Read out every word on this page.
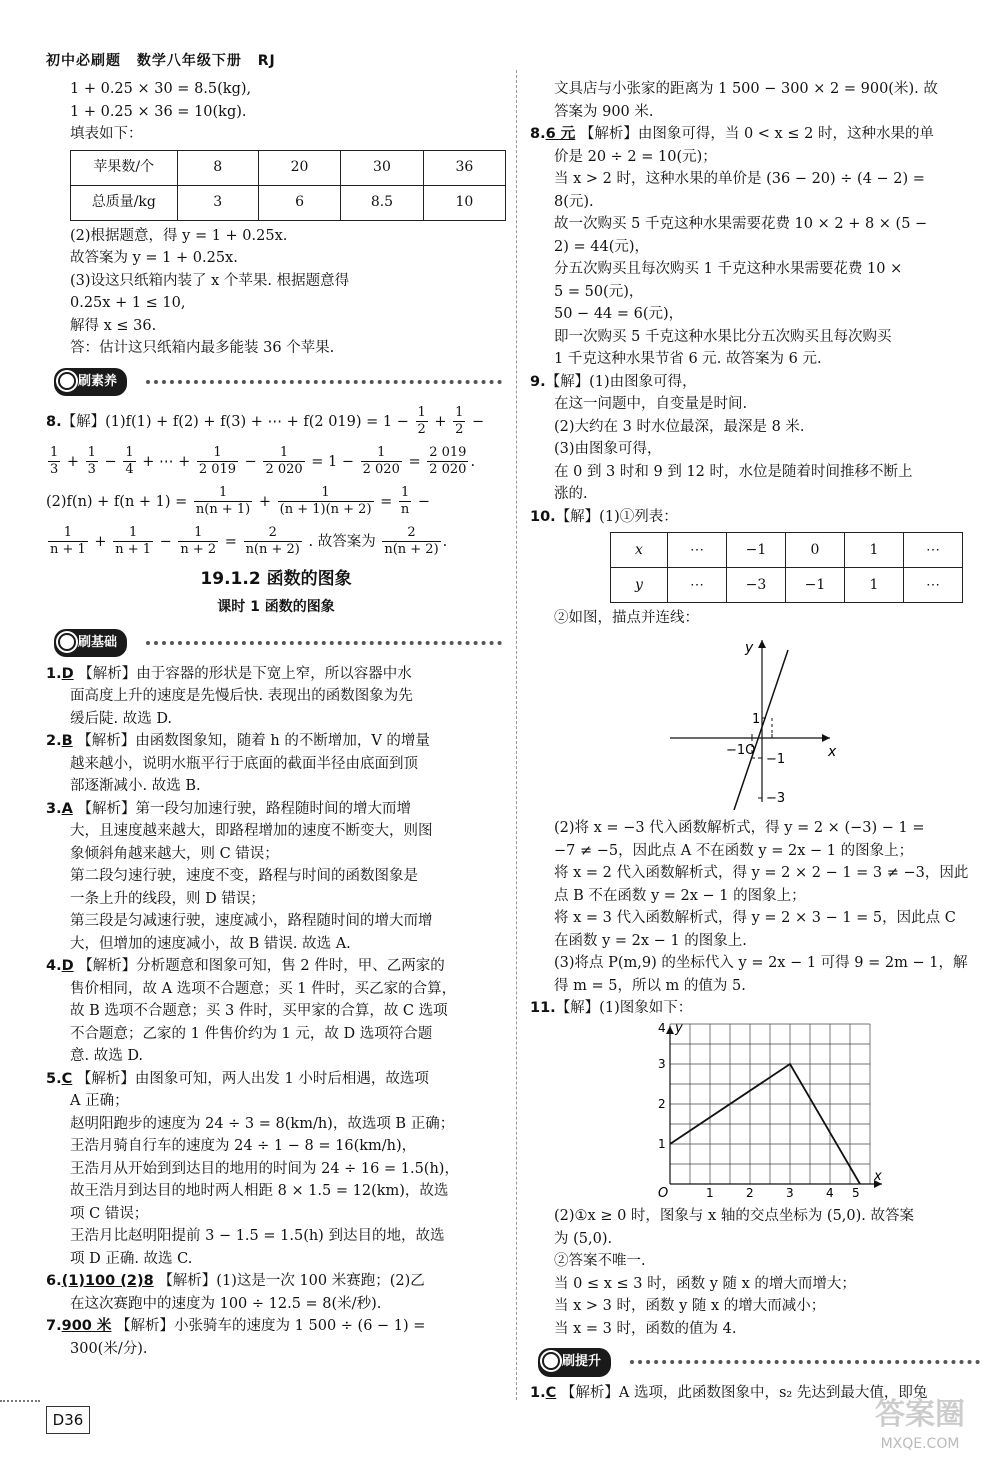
初中必刷题 数学八年级下册 RJ
1 + 0.25 × 30 = 8.5(kg),
1 + 0.25 × 36 = 10(kg).
填表如下：
苹果数/个	8	20	30	36
总质量/kg	3	6	8.5	10
(2)根据题意，得 y = 1 + 0.25x.
故答案为 y = 1 + 0.25x.
(3)设这只纸箱内装了 x 个苹果. 根据题意得
0.25x + 1 ≤ 10,
解得 x ≤ 36.
答：估计这只纸箱内最多能装 36 个苹果.
刷素养
8.【解】(1)f(1) + f(2) + f(3) + ⋯ + f(2 $019) = 1 - \frac{1}{2} + \frac{1}{2}$ −
$\frac{1}{3} + \frac{1}{3} - \frac{1}{4}$ + ⋯ + $\frac{1}{2 019} - \frac{1}{2 020} = 1 - \frac{1}{2 020} = \frac{2 019}{2 020}$ .
$(2)f(n) + f(n + 1) = \frac{1}{n(n + 1)} + \frac{1}{(n + 1)(n + 2)} = \frac{1}{n}$ −
$\frac{1}{n + 1} + \frac{1}{n + 1} - \frac{1}{n + 2} = \frac{2}{n(n + 2)}$ . 故答案为 $\frac{2}{n(n + 2)}$ .
19.1.2 函数的图象
课时 1 函数的图象
刷基础
1.D 【解析】由于容器的形状是下宽上窄，所以容器中水
面高度上升的速度是先慢后快. 表现出的函数图象为先
缓后陡. 故选 D.
2.B 【解析】由函数图象知，随着 h 的不断增加，V 的增量
越来越小，说明水瓶平行于底面的截面半径由底面到顶
部逐渐减小. 故选 B.
3.A 【解析】第一段匀加速行驶，路程随时间的增大而增
大，且速度越来越大，即路程增加的速度不断变大，则图
象倾斜角越来越大，则 C 错误；
第二段匀速行驶，速度不变，路程与时间的函数图象是
一条上升的线段，则 D 错误；
第三段是匀减速行驶，速度减小，路程随时间的增大而增
大，但增加的速度减小，故 B 错误. 故选 A.
4.D 【解析】分析题意和图象可知，售 2 件时，甲、乙两家的
售价相同，故 A 选项不合题意；买 1 件时，买乙家的合算，
故 B 选项不合题意；买 3 件时，买甲家的合算，故 C 选项
不合题意；乙家的 1 件售价约为 1 元，故 D 选项符合题
意. 故选 D.
5.C 【解析】由图象可知，两人出发 1 小时后相遇，故选项
A 正确；
赵明阳跑步的速度为 24 ÷ 3 = 8(km/h)，故选项 B 正确；
王浩月骑自行车的速度为 24 ÷ 1 − 8 = 16(km/h)，
王浩月从开始到到达目的地用的时间为 24 ÷ 16 = 1.5(h)，
故王浩月到达目的地时两人相距 8 × 1.5 = 12(km)，故选
项 C 错误；
王浩月比赵明阳提前 3 − 1.5 = 1.5(h) 到达目的地，故选
项 D 正确. 故选 C.
6.(1)100 (2)8 【解析】(1)这是一次 100 米赛跑；(2)乙
在这次赛跑中的速度为 100 ÷ 12.5 = 8(米/秒).
7.900 米 【解析】小张骑车的速度为 1 500 ÷ (6 − 1) =
300(米/分).
文具店与小张家的距离为 1 500 − 300 × 2 = 900(米). 故
答案为 900 米.
8.6 元 【解析】由图象可得，当 0 < x ≤ 2 时，这种水果的单
价是 20 ÷ 2 = 10(元)；
当 x > 2 时，这种水果的单价是 (36 − 20) ÷ (4 − 2) =
8(元).
故一次购买 5 千克这种水果需要花费 10 × 2 + 8 × (5 −
2) = 44(元)，
分五次购买且每次购买 1 千克这种水果需要花费 10 ×
5 = 50(元)，
50 − 44 = 6(元)，
即一次购买 5 千克这种水果比分五次购买且每次购买
1 千克这种水果节省 6 元. 故答案为 6 元.
9.【解】(1)由图象可得，
在这一问题中，自变量是时间.
(2)大约在 3 时水位最深，最深是 8 米.
(3)由图象可得，
在 0 到 3 时和 9 到 12 时，水位是随着时间推移不断上
涨的.
10.【解】(1)①列表：
x	⋯	−1	0	1	⋯
y	⋯	−3	−1	1	⋯
②如图，描点并连线：
y
x
1
−1O
−1
−3
(2)将 x = −3 代入函数解析式，得 y = 2 × (−3) − 1 =
−7 ≠ −5，因此点 A 不在函数 y = 2x − 1 的图象上；
将 x = 2 代入函数解析式，得 y = 2 × 2 − 1 = 3 ≠ −3，因此
点 B 不在函数 y = 2x − 1 的图象上；
将 x = 3 代入函数解析式，得 y = 2 × 3 − 1 = 5，因此点 C
在函数 y = 2x − 1 的图象上.
(3)将点 P(m,9) 的坐标代入 y = 2x − 1 可得 9 = 2m − 1，解
得 m = 5，所以 m 的值为 5.
11.【解】(1)图象如下：
y
x
O	1	2	3	4 5
1
2
3
4
(2)①x ≥ 0 时，图象与 x 轴的交点坐标为 (5,0). 故答案
为 (5,0).
②答案不唯一.
当 0 ≤ x ≤ 3 时，函数 y 随 x 的增大而增大；
当 x > 3 时，函数 y 随 x 的增大而减小；
当 x = 3 时，函数的值为 4.
刷提升
1.C 【解析】A 选项，此函数图象中，s₂ 先达到最大值，即兔
D36	答案圈
MXQE.COM
